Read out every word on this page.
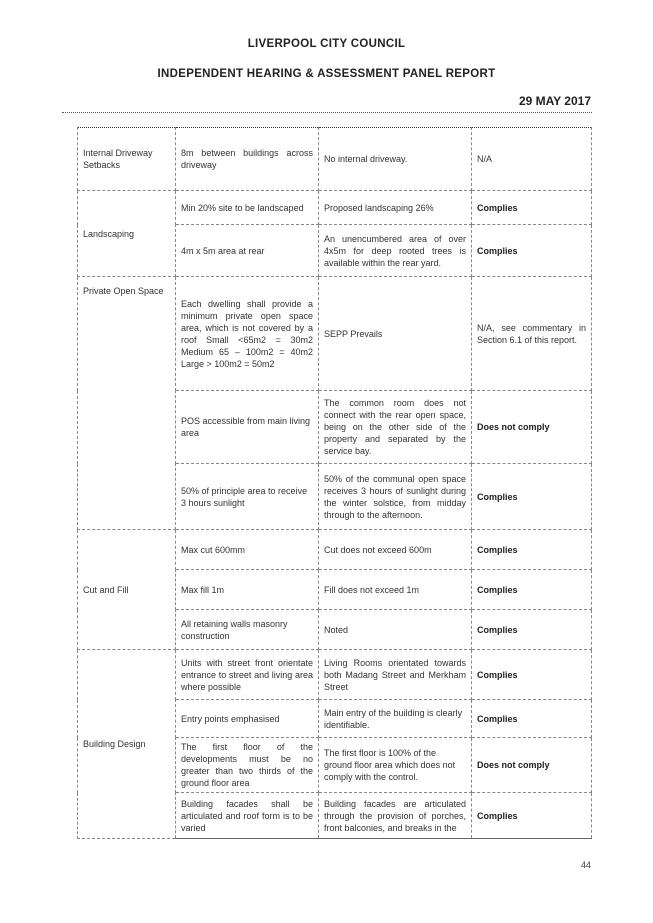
LIVERPOOL CITY COUNCIL
INDEPENDENT HEARING & ASSESSMENT PANEL REPORT
29 MAY 2017
Internal Driveway Setbacks	8m between buildings across driveway	No internal driveway.	N/A
Landscaping	Min 20% site to be landscaped	Proposed landscaping 26%	Complies
	4m x 5m area at rear	An unencumbered area of over 4x5m for deep rooted trees is available within the rear yard.	Complies
Private Open Space	Each dwelling shall provide a minimum private open space area, which is not covered by a roof Small <65m2 = 30m2 Medium 65 – 100m2 = 40m2 Large > 100m2 = 50m2	SEPP Prevails	N/A, see commentary in Section 6.1 of this report.
	POS accessible from main living area	The common room does not connect with the rear open space, being on the other side of the property and separated by the service bay.	Does not comply
	50% of principle area to receive 3 hours sunlight	50% of the communal open space receives 3 hours of sunlight during the winter solstice, from midday through to the afternoon.	Complies
Cut and Fill	Max cut 600mm	Cut does not exceed 600m	Complies
	Max fill 1m	Fill does not exceed 1m	Complies
	All retaining walls masonry construction	Noted	Complies
Building Design	Units with street front orientate entrance to street and living area where possible	Living Rooms orientated towards both Madang Street and Merkham Street	Complies
	Entry points emphasised	Main entry of the building is clearly identifiable.	Complies
	The first floor of the developments must be no greater than two thirds of the ground floor area	The first floor is 100% of the ground floor area which does not comply with the control.	Does not comply
	Building facades shall be articulated and roof form is to be varied	Building facades are articulated through the provision of porches, front balconies, and breaks in the	Complies
44
